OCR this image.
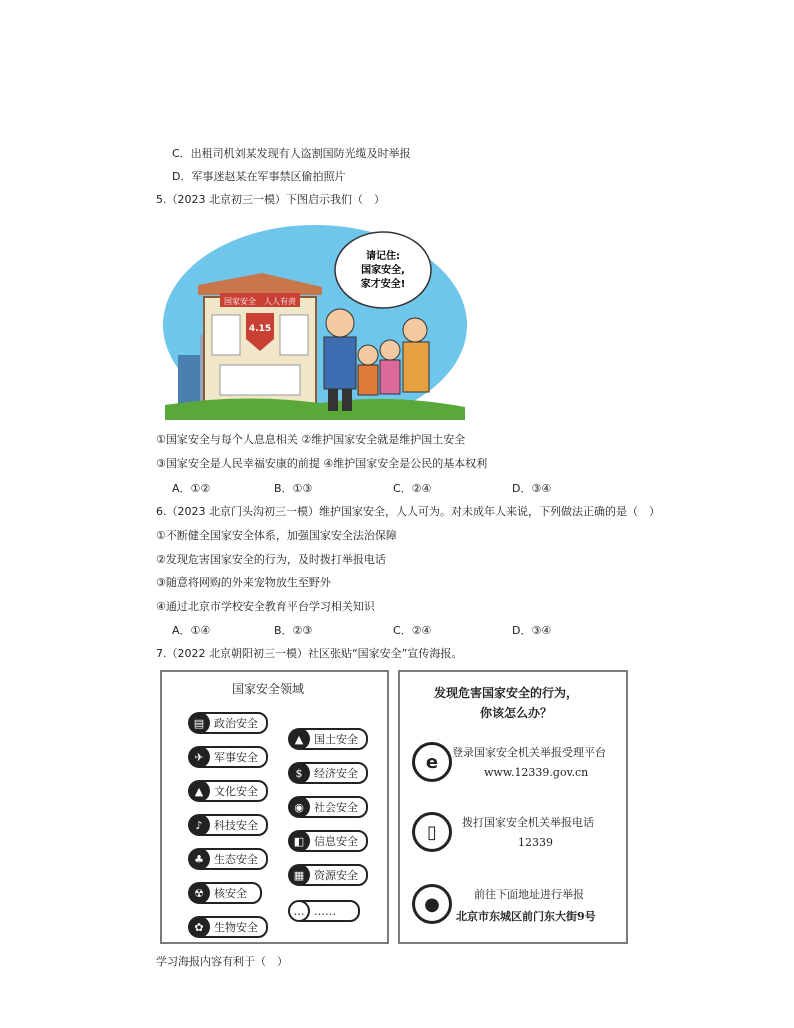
C．出租司机刘某发现有人盗割国防光缆及时举报
D．军事迷赵某在军事禁区偷拍照片
5.（2023 北京初三一模）下图启示我们（　）
国家安全　人人有责
4.15
请记住:
国家安全,
家才安全!
①国家安全与每个人息息相关 ②维护国家安全就是维护国土安全
③国家安全是人民幸福安康的前提 ④维护国家安全是公民的基本权利
A．①②	B．①③	C．②④	D．③④
6.（2023 北京门头沟初三一模）维护国家安全，人人可为。对未成年人来说，下列做法正确的是（　）
①不断健全国家安全体系，加强国家安全法治保障
②发现危害国家安全的行为，及时拨打举报电话
③随意将网购的外来宠物放生至野外
④通过北京市学校安全教育平台学习相关知识
A．①④	B．②③	C．②④	D．③④
7.（2022 北京朝阳初三一模）社区张贴“国家安全”宣传海报。
国家安全领域
▤ 政治安全
✈ 军事安全
▲ 文化安全
♪	科技安全
♣ 生态安全
☢ 核安全
✿ 生物安全
▲ 国土安全
$	经济安全
◉ 社会安全
◧ 信息安全
▦ 资源安全
… ……
发现危害国家安全的行为，
你该怎么办？
e	登录国家安全机关举报受理平台
www.12339.gov.cn
▯	拨打国家安全机关举报电话
12339
●	前往下面地址进行举报
北京市东城区前门东大街9号
学习海报内容有利于（　）
